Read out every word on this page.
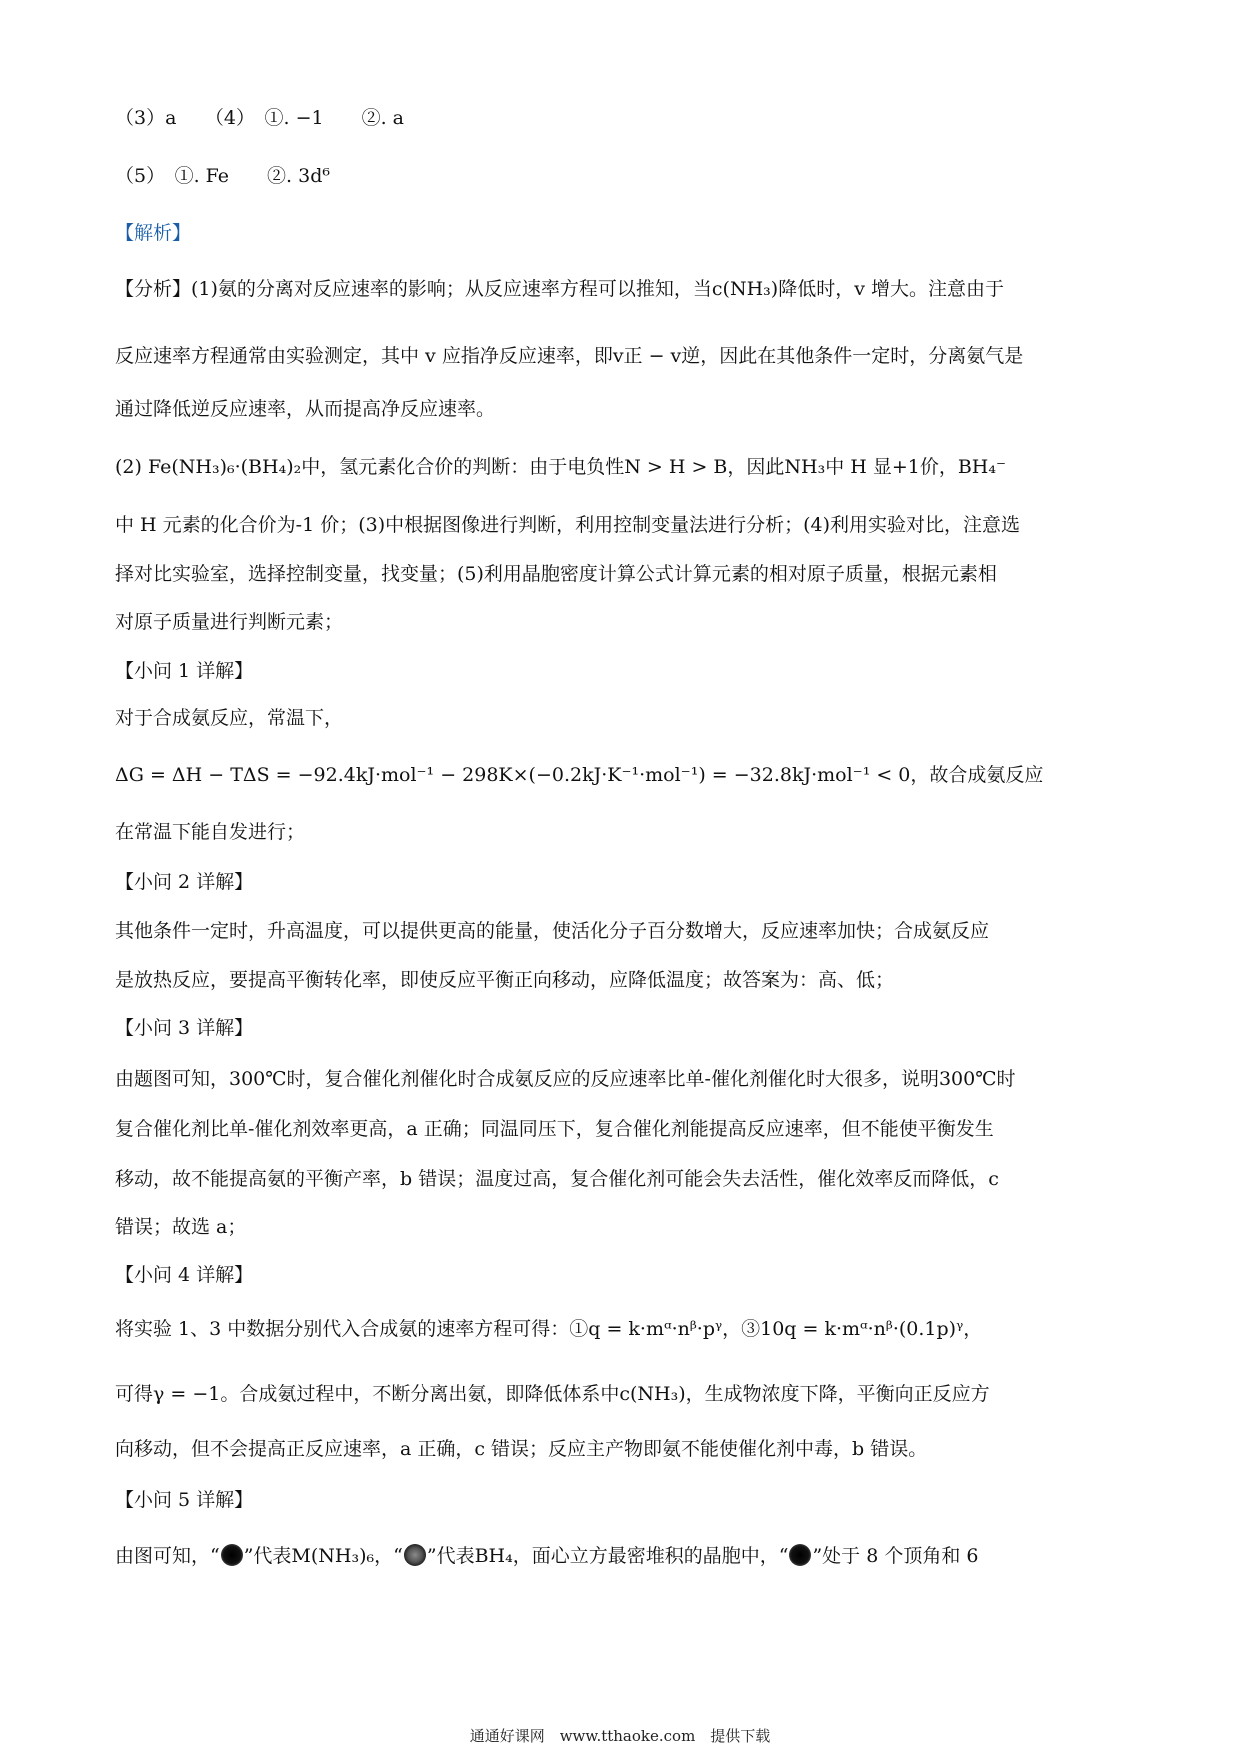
（3）a　　（4）　①. −1　　②. a
（5）　①. Fe　　②. 3d⁶
【解析】
【分析】(1)氨的分离对反应速率的影响；从反应速率方程可以推知，当c(NH₃)降低时，v 增大。注意由于
反应速率方程通常由实验测定，其中 v 应指净反应速率，即v正 − v逆，因此在其他条件一定时，分离氨气是
通过降低逆反应速率，从而提高净反应速率。
(2) Fe(NH₃)₆·(BH₄)₂中，氢元素化合价的判断：由于电负性N > H > B，因此NH₃中 H 显+1价，BH₄⁻
中 H 元素的化合价为-1 价；(3)中根据图像进行判断，利用控制变量法进行分析；(4)利用实验对比，注意选
择对比实验室，选择控制变量，找变量；(5)利用晶胞密度计算公式计算元素的相对原子质量，根据元素相
对原子质量进行判断元素；
【小问 1 详解】
对于合成氨反应，常温下，
ΔG = ΔH − TΔS = −92.4kJ·mol⁻¹ − 298K×(−0.2kJ·K⁻¹·mol⁻¹) = −32.8kJ·mol⁻¹ < 0，故合成氨反应
在常温下能自发进行；
【小问 2 详解】
其他条件一定时，升高温度，可以提供更高的能量，使活化分子百分数增大，反应速率加快；合成氨反应
是放热反应，要提高平衡转化率，即使反应平衡正向移动，应降低温度；故答案为：高、低；
【小问 3 详解】
由题图可知，300℃时，复合催化剂催化时合成氨反应的反应速率比单-催化剂催化时大很多，说明300℃时
复合催化剂比单-催化剂效率更高，a 正确；同温同压下，复合催化剂能提高反应速率，但不能使平衡发生
移动，故不能提高氨的平衡产率，b 错误；温度过高，复合催化剂可能会失去活性，催化效率反而降低，c
错误；故选 a；
【小问 4 详解】
将实验 1、3 中数据分别代入合成氨的速率方程可得：①q = k·mᵅ·nᵝ·pᵞ，③10q = k·mᵅ·nᵝ·(0.1p)ᵞ，
可得γ = −1。合成氨过程中，不断分离出氨，即降低体系中c(NH₃)，生成物浓度下降，平衡向正反应方
向移动，但不会提高正反应速率，a 正确，c 错误；反应主产物即氨不能使催化剂中毒，b 错误。
【小问 5 详解】
由图可知，“ ”代表M(NH₃)₆，“ ”代表BH₄，面心立方最密堆积的晶胞中，“ ”处于 8 个顶角和 6
通通好课网　www.tthaoke.com　提供下载
